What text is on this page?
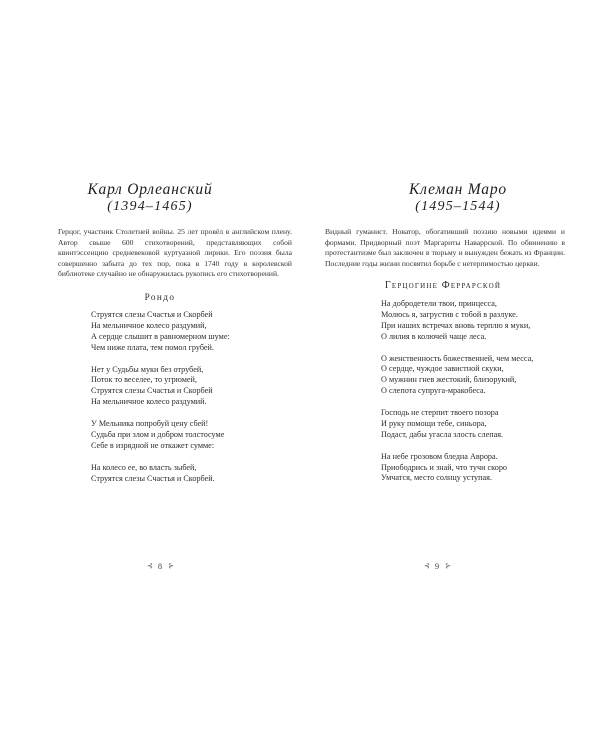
Карл Орлеанский
(1394–1465)
Герцог, участник Столетней войны. 25 лет провёл в английском плену. Автор свыше 600 стихотворений, представляющих собой квинтэссенцию средневековой куртуазной лирики. Его поэзия была совершенно забыта до тех пор, пока в 1740 году в королевской библиотеке случайно не обнаружилась рукопись его стихотворений.
Рондо
Струятся слезы Счастья и Скорбей
На мельничное колесо раздумий,
А сердце слышит в равномерном шуме:
Чем ниже плата, тем помол грубей.
Нет у Судьбы муки без отрубей,
Поток то веселее, то угрюмей,
Струятся слезы Счастья и Скорбей
На мельничное колесо раздумий.
У Мельника попробуй цену сбей!
Судьба при злом и добром толстосуме
Себе в изрядной не откажет сумме:
На колесо ее, во власть зыбей,
Струятся слезы Счастья и Скорбей.
⊰ 8 ⊱
Клеман Маро
(1495–1544)
Видный гуманист. Новатор, обогативший поэзию новыми идеями и формами. Придворный поэт Маргариты Наваррской. По обвинению в протестантизме был заключен в тюрьму и вынужден бежать из Франции. Последние годы жизни посвятил борьбе с нетерпимостью церкви.
Герцогине Феррарской
На добродетели твои, принцесса,
Молюсь я, загрустив с тобой в разлуке.
При наших встречах вновь терплю я муки,
О лилия в колючей чаще леса.
О женственность божественней, чем месса,
О сердце, чуждое завистной скуки,
О мужнин гнев жестокий, близорукий,
О слепота супруга-мракобеса.
Господь не стерпит твоего позора
И руку помощи тебе, синьора,
Подаст, дабы угасла злость слепая.
На небе грозовом бледна Аврора.
Приободрись и знай, что тучи скоро
Умчатся, место солнцу уступая.
⊰ 9 ⊱
